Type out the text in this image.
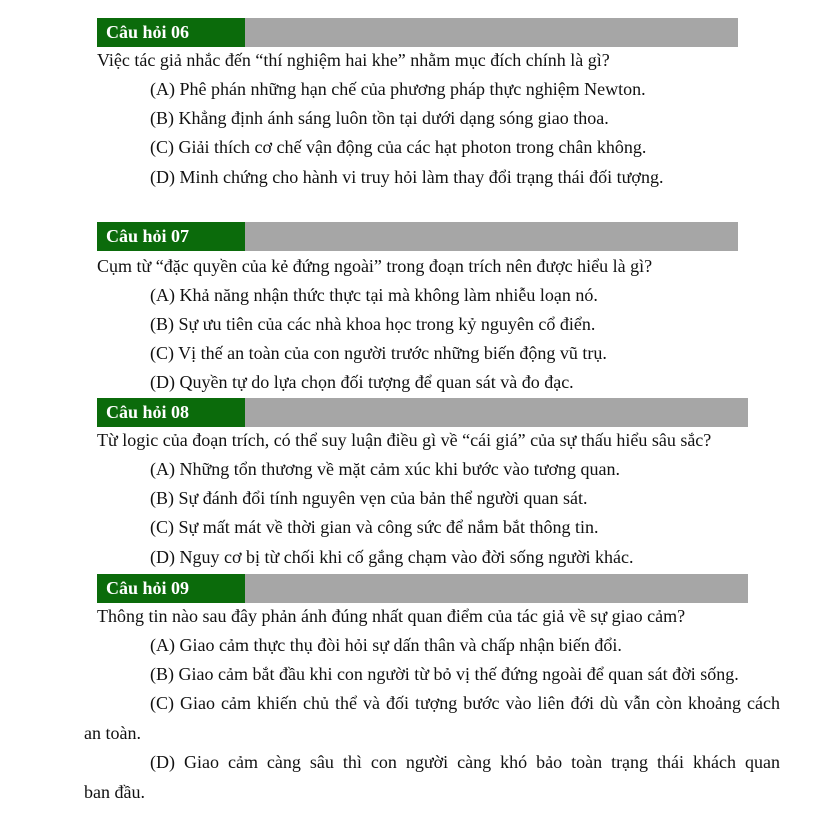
Câu hỏi 06
Việc tác giả nhắc đến “thí nghiệm hai khe” nhằm mục đích chính là gì?
(A) Phê phán những hạn chế của phương pháp thực nghiệm Newton.
(B) Khẳng định ánh sáng luôn tồn tại dưới dạng sóng giao thoa.
(C) Giải thích cơ chế vận động của các hạt photon trong chân không.
(D) Minh chứng cho hành vi truy hỏi làm thay đổi trạng thái đối tượng.
Câu hỏi 07
Cụm từ “đặc quyền của kẻ đứng ngoài” trong đoạn trích nên được hiểu là gì?
(A) Khả năng nhận thức thực tại mà không làm nhiễu loạn nó.
(B) Sự ưu tiên của các nhà khoa học trong kỷ nguyên cổ điển.
(C) Vị thế an toàn của con người trước những biến động vũ trụ.
(D) Quyền tự do lựa chọn đối tượng để quan sát và đo đạc.
Câu hỏi 08
Từ logic của đoạn trích, có thể suy luận điều gì về “cái giá” của sự thấu hiểu sâu sắc?
(A) Những tổn thương về mặt cảm xúc khi bước vào tương quan.
(B) Sự đánh đổi tính nguyên vẹn của bản thể người quan sát.
(C) Sự mất mát về thời gian và công sức để nắm bắt thông tin.
(D) Nguy cơ bị từ chối khi cố gắng chạm vào đời sống người khác.
Câu hỏi 09
Thông tin nào sau đây phản ánh đúng nhất quan điểm của tác giả về sự giao cảm?
(A) Giao cảm thực thụ đòi hỏi sự dấn thân và chấp nhận biến đổi.
(B) Giao cảm bắt đầu khi con người từ bỏ vị thế đứng ngoài để quan sát đời sống.
(C) Giao cảm khiến chủ thể và đối tượng bước vào liên đới dù vẫn còn khoảng cách
an toàn.
(D) Giao cảm càng sâu thì con người càng khó bảo toàn trạng thái khách quan
ban đầu.
